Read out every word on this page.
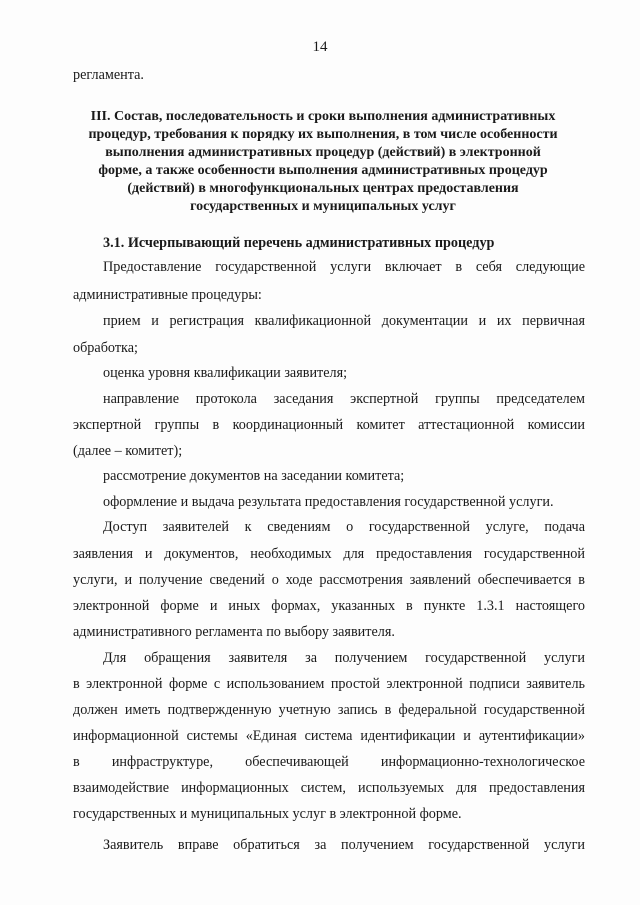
14
регламента.
III. Состав, последовательность и сроки выполнения административных
процедур, требования к порядку их выполнения, в том числе особенности
выполнения административных процедур (действий) в электронной
форме, а также особенности выполнения административных процедур
(действий) в многофункциональных центрах предоставления
государственных и муниципальных услуг
3.1. Исчерпывающий перечень административных процедур
Предоставление государственной услуги включает в себя следующие
административные процедуры:
прием и регистрация квалификационной документации и их первичная
обработка;
оценка уровня квалификации заявителя;
направление протокола заседания экспертной группы председателем
экспертной группы в координационный комитет аттестационной комиссии
(далее – комитет);
рассмотрение документов на заседании комитета;
оформление и выдача результата предоставления государственной услуги.
Доступ заявителей к сведениям о государственной услуге, подача
заявления и документов, необходимых для предоставления государственной
услуги, и получение сведений о ходе рассмотрения заявлений обеспечивается в
электронной форме и иных формах, указанных в пункте 1.3.1 настоящего
административного регламента по выбору заявителя.
Для обращения заявителя за получением государственной услуги
в электронной форме с использованием простой электронной подписи заявитель
должен иметь подтвержденную учетную запись в федеральной государственной
информационной системы «Единая система идентификации и аутентификации»
в инфраструктуре, обеспечивающей информационно-технологическое
взаимодействие информационных систем, используемых для предоставления
государственных и муниципальных услуг в электронной форме.
Заявитель вправе обратиться за получением государственной услуги
